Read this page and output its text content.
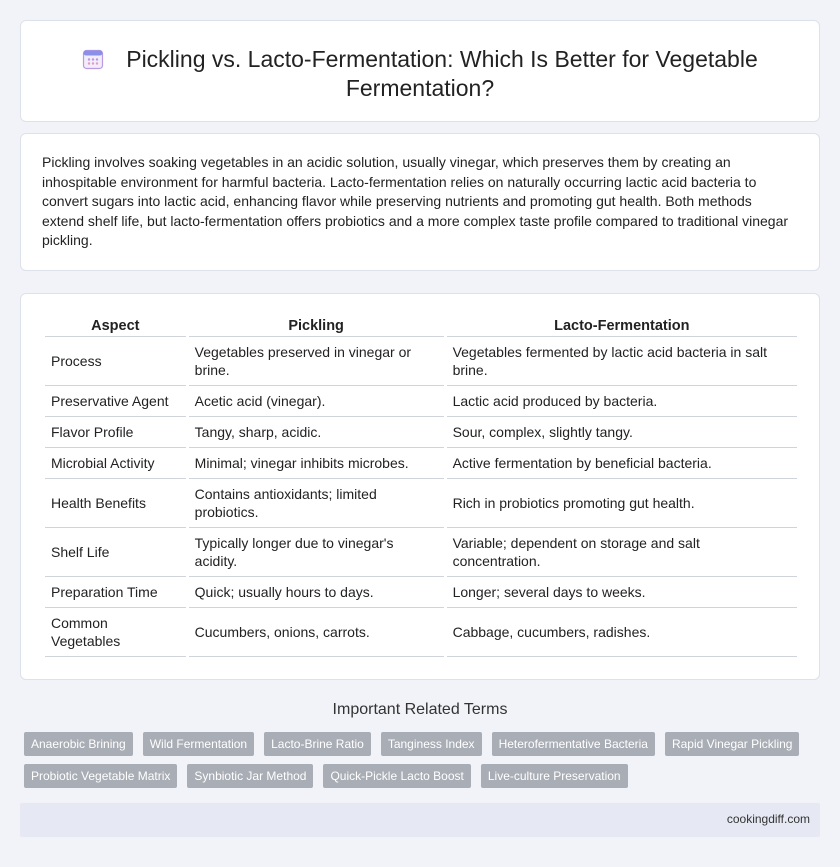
Pickling vs. Lacto-Fermentation: Which Is Better for Vegetable Fermentation?

Pickling involves soaking vegetables in an acidic solution, usually vinegar, which preserves them by creating an inhospitable environment for harmful bacteria. Lacto-fermentation relies on naturally occurring lactic acid bacteria to convert sugars into lactic acid, enhancing flavor while preserving nutrients and promoting gut health. Both methods extend shelf life, but lacto-fermentation offers probiotics and a more complex taste profile compared to traditional vinegar pickling.

Aspect	Pickling	Lacto-Fermentation
Process	Vegetables preserved in vinegar or brine.	Vegetables fermented by lactic acid bacteria in salt brine.
Preservative Agent	Acetic acid (vinegar).	Lactic acid produced by bacteria.
Flavor Profile	Tangy, sharp, acidic.	Sour, complex, slightly tangy.
Microbial Activity	Minimal; vinegar inhibits microbes.	Active fermentation by beneficial bacteria.
Health Benefits	Contains antioxidants; limited probiotics.	Rich in probiotics promoting gut health.
Shelf Life	Typically longer due to vinegar's acidity.	Variable; dependent on storage and salt concentration.
Preparation Time	Quick; usually hours to days.	Longer; several days to weeks.
Common Vegetables	Cucumbers, onions, carrots.	Cabbage, cucumbers, radishes.
Important Related Terms
Anaerobic Brining	Wild Fermentation	Lacto-Brine Ratio	Tanginess Index	Heterofermentative Bacteria	Rapid Vinegar Pickling
Probiotic Vegetable Matrix	Synbiotic Jar Method	Quick-Pickle Lacto Boost	Live-culture Preservation
cookingdiff.com
